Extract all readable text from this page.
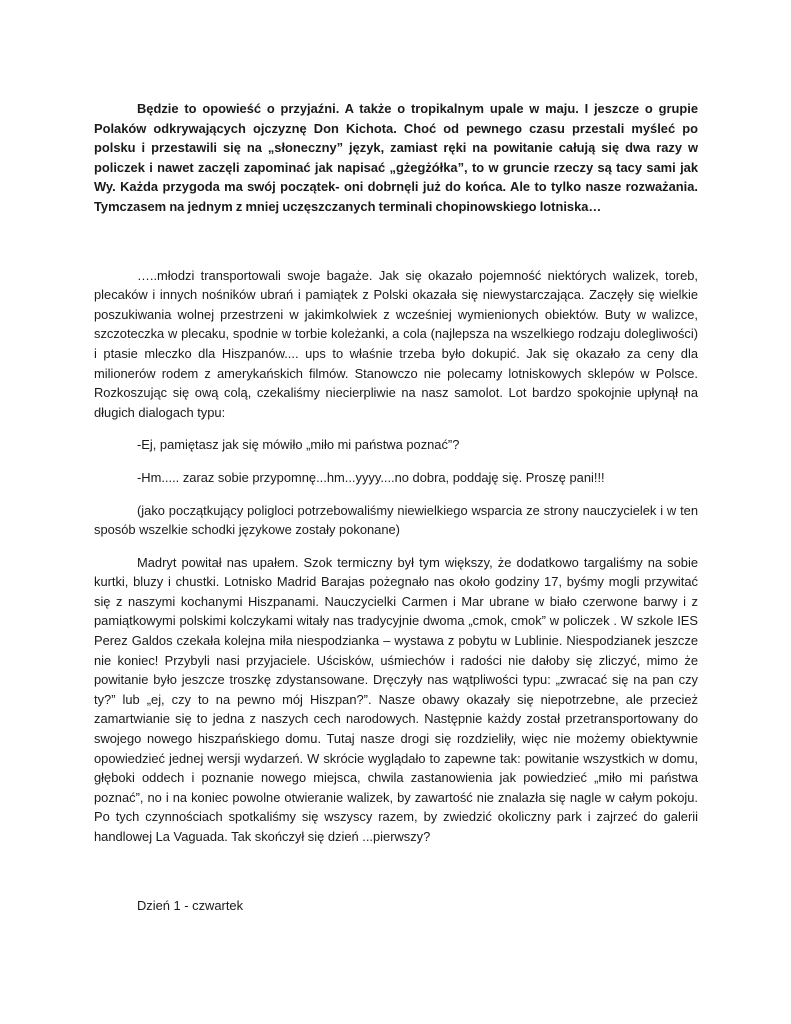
Będzie to opowieść o przyjaźni. A także o tropikalnym upale w maju. I jeszcze o grupie Polaków odkrywających ojczyznę Don Kichota. Choć od pewnego czasu przestali myśleć po polsku i przestawili się na „słoneczny” język, zamiast ręki na powitanie całują się dwa razy w policzek i nawet zaczęli zapominać jak napisać „gżegżółka”, to w gruncie rzeczy są tacy sami jak Wy. Każda przygoda ma swój początek- oni dobrnęli już do końca. Ale to tylko nasze rozważania. Tymczasem na jednym z mniej uczęszczanych terminali chopinowskiego lotniska…

…..młodzi transportowali swoje bagaże. Jak się okazało pojemność niektórych walizek, toreb, plecaków i innych nośników ubrań i pamiątek z Polski okazała się niewystarczająca. Zaczęły się wielkie poszukiwania wolnej przestrzeni w jakimkolwiek z wcześniej wymienionych obiektów. Buty w walizce, szczoteczka w plecaku, spodnie w torbie koleżanki, a cola (najlepsza na wszelkiego rodzaju dolegliwości) i ptasie mleczko dla Hiszpanów.... ups to właśnie trzeba było dokupić. Jak się okazało za ceny dla milionerów rodem z amerykańskich filmów. Stanowczo nie polecamy lotniskowych sklepów w Polsce. Rozkoszując się ową colą, czekaliśmy niecierpliwie na nasz samolot. Lot bardzo spokojnie upłynął na długich dialogach typu:

-Ej, pamiętasz jak się mówiło „miło mi państwa poznać”?

-Hm..... zaraz sobie przypomnę...hm...yyyy....no dobra, poddaję się. Proszę pani!!!

(jako początkujący poligloci potrzebowaliśmy niewielkiego wsparcia ze strony nauczycielek i w ten sposób wszelkie schodki językowe zostały pokonane)

Madryt powitał nas upałem. Szok termiczny był tym większy, że dodatkowo targaliśmy na sobie kurtki, bluzy i chustki. Lotnisko Madrid Barajas pożegnało nas około godziny 17, byśmy mogli przywitać się z naszymi kochanymi Hiszpanami. Nauczycielki Carmen i Mar ubrane w biało czerwone barwy i z pamiątkowymi polskimi kolczykami witały nas tradycyjnie dwoma „cmok, cmok” w policzek . W szkole IES Perez Galdos czekała kolejna miła niespodzianka – wystawa z pobytu w Lublinie. Niespodzianek jeszcze nie koniec! Przybyli nasi przyjaciele. Uścisków, uśmiechów i radości nie dałoby się zliczyć, mimo że powitanie było jeszcze troszkę zdystansowane. Dręczyły nas wątpliwości typu: „zwracać się na pan czy ty?” lub „ej, czy to na pewno mój Hiszpan?”. Nasze obawy okazały się niepotrzebne, ale przecież zamartwianie się to jedna z naszych cech narodowych. Następnie każdy został przetransportowany do swojego nowego hiszpańskiego domu. Tutaj nasze drogi się rozdzieliły, więc nie możemy obiektywnie opowiedzieć jednej wersji wydarzeń. W skrócie wyglądało to zapewne tak: powitanie wszystkich w domu, głęboki oddech i poznanie nowego miejsca, chwila zastanowienia jak powiedzieć „miło mi państwa poznać”, no i na koniec powolne otwieranie walizek, by zawartość nie znalazła się nagle w całym pokoju. Po tych czynnościach spotkaliśmy się wszyscy razem, by zwiedzić okoliczny park i zajrzeć do galerii handlowej La Vaguada. Tak skończył się dzień ...pierwszy?

Dzień 1 - czwartek
